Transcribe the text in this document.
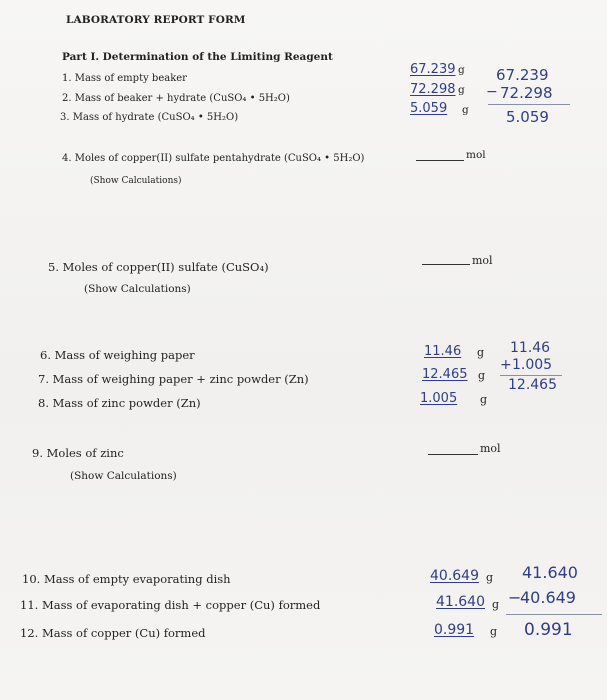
LABORATORY REPORT FORM
Part I. Determination of the Limiting Reagent
1. Mass of empty beaker
2. Mass of beaker + hydrate (CuSO₄ • 5H₂O)
3. Mass of hydrate (CuSO₄ • 5H₂O)
67.239 g
72.298 g
5.059 g
67.239
− 72.298
5.059
4. Moles of copper(II) sulfate pentahydrate (CuSO₄ • 5H₂O)
(Show Calculations)
mol
5. Moles of copper(II) sulfate (CuSO₄)
(Show Calculations)
mol
6. Mass of weighing paper
7. Mass of weighing paper + zinc powder (Zn)
8. Mass of zinc powder (Zn)
11.46 g
12.465 g
1.005 g
11.46
+ 1.005
12.465
9. Moles of zinc
(Show Calculations)
mol
10. Mass of empty evaporating dish
11. Mass of evaporating dish + copper (Cu) formed
12. Mass of copper (Cu) formed
40.649 g
41.640 g
0.991 g
41.640
−
40.649
0.991
